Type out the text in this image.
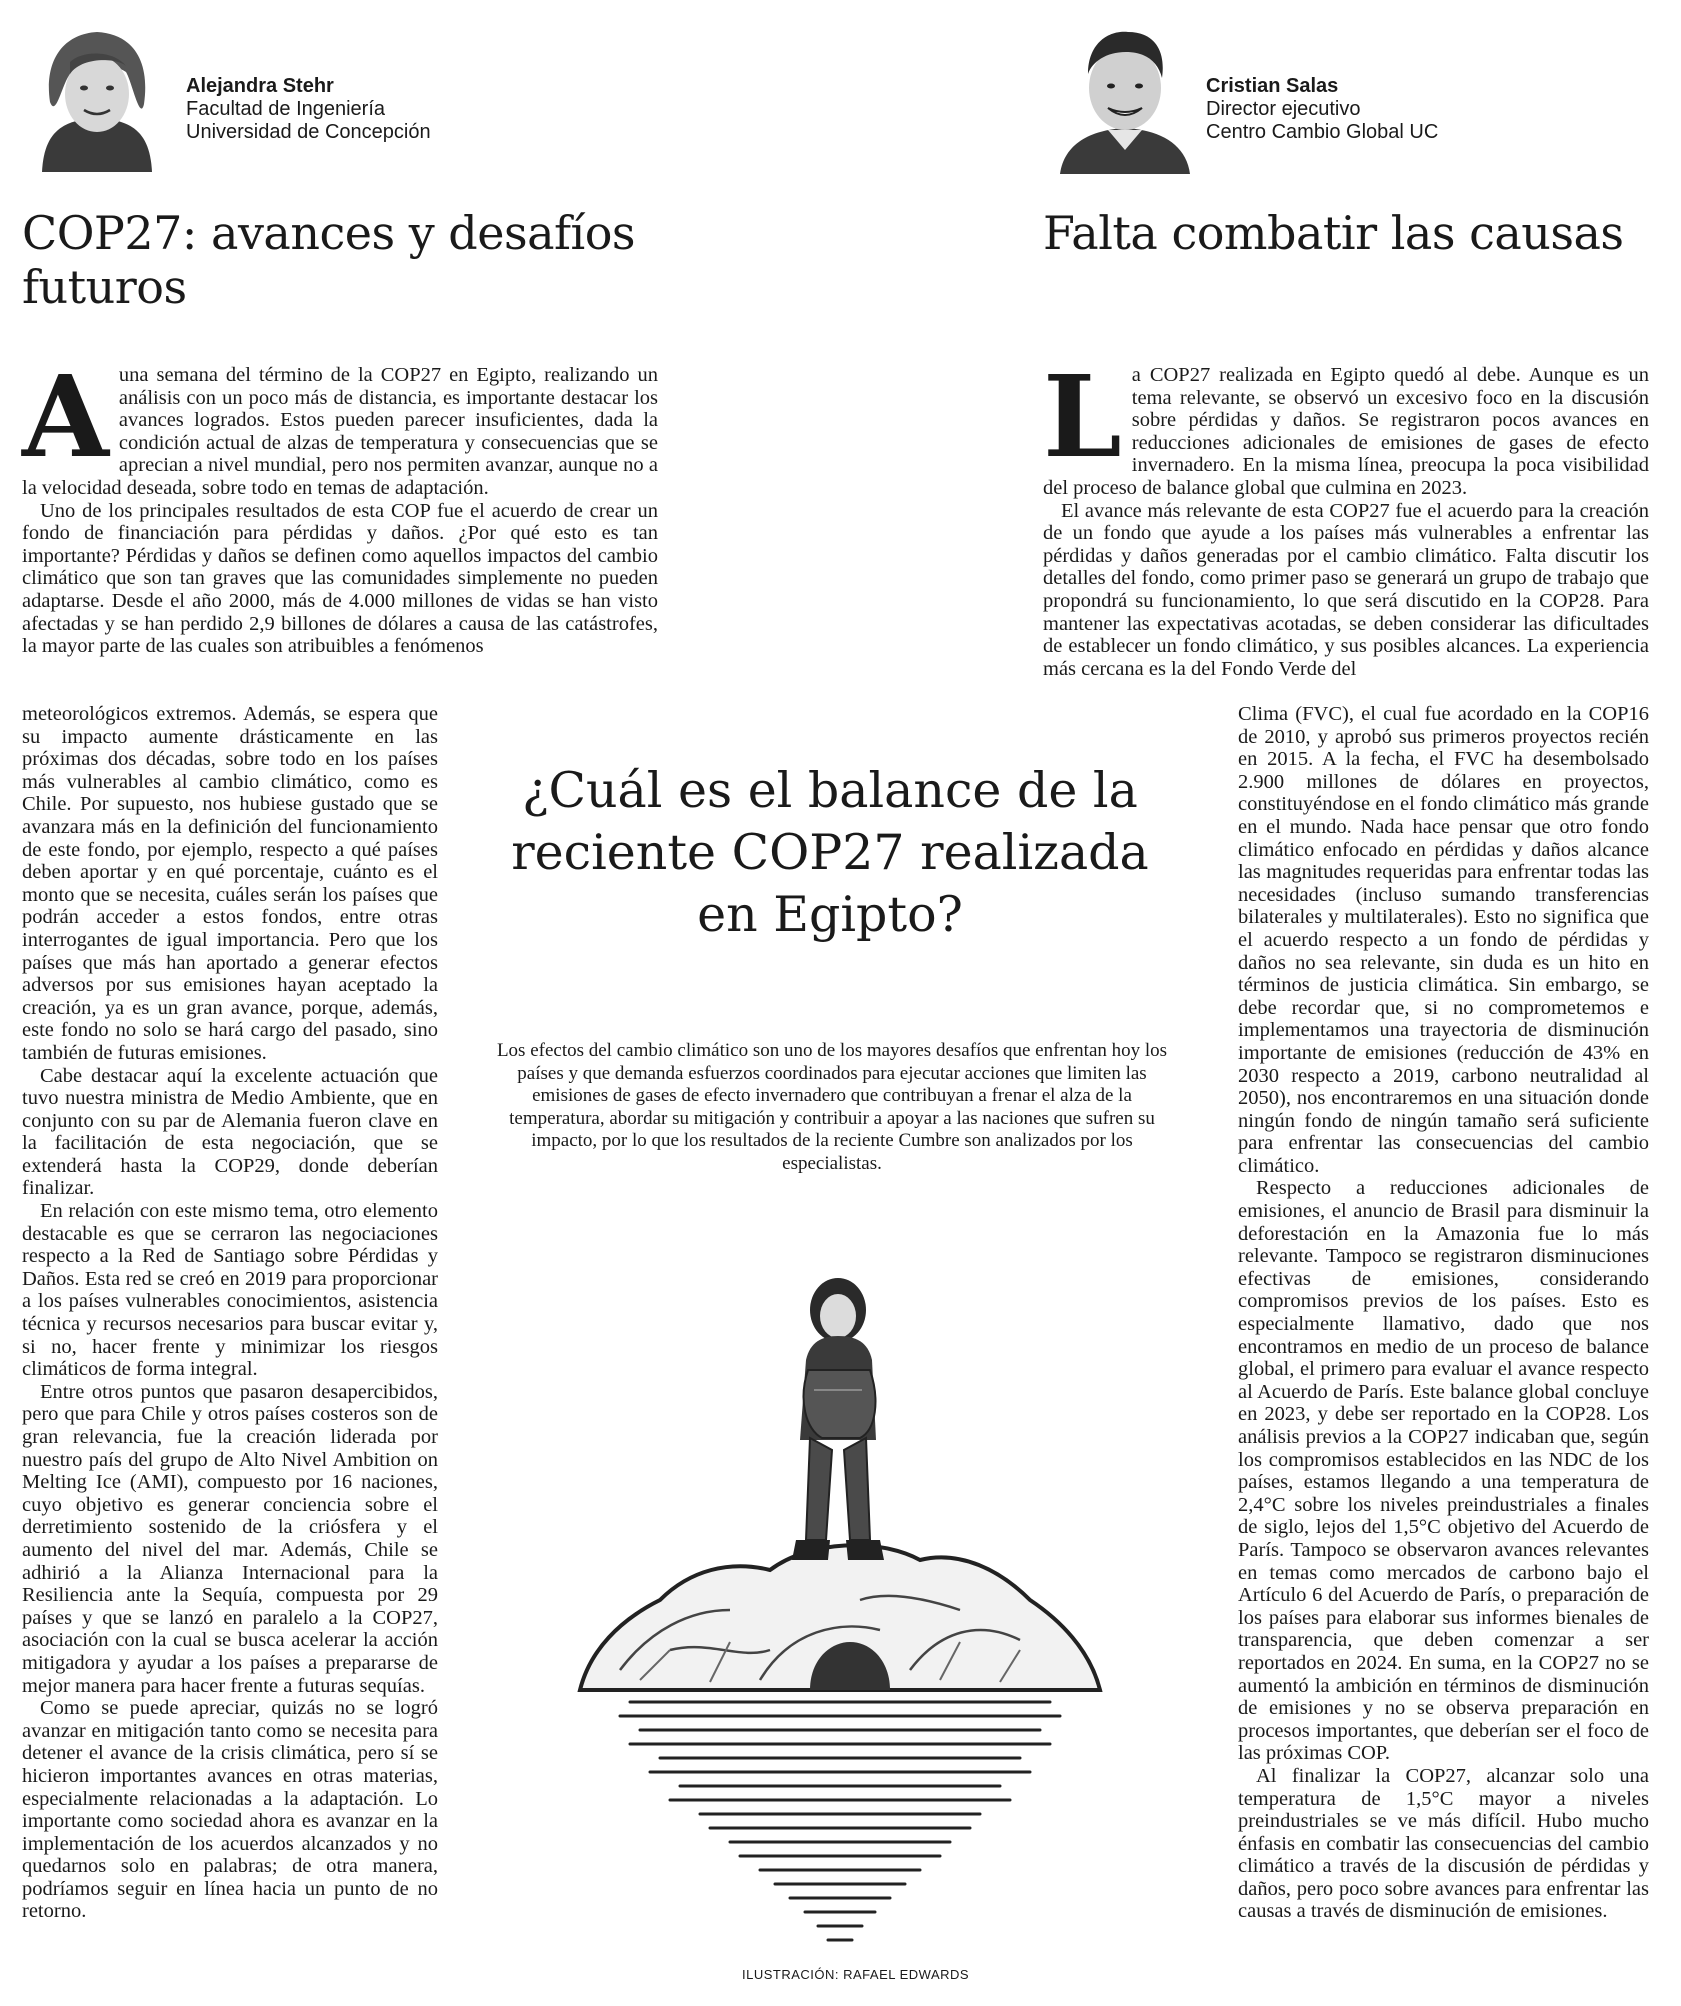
Alejandra Stehr
Facultad de Ingeniería
Universidad de Concepción
Cristian Salas
Director ejecutivo
Centro Cambio Global UC
COP27: avances y desafíos futuros
Falta combatir las causas

A una semana del término de la COP27 en Egipto, realizando un análisis con un poco más de distancia, es importante destacar los avances logrados. Estos pueden parecer insuficientes, dada la condición actual de alzas de temperatura y consecuencias que se aprecian a nivel mundial, pero nos permiten avanzar, aunque no a la velocidad deseada, sobre todo en temas de adaptación.

Uno de los principales resultados de esta COP fue el acuerdo de crear un fondo de financiación para pérdidas y daños. ¿Por qué esto es tan importante? Pérdidas y daños se definen como aquellos impactos del cambio climático que son tan graves que las comunidades simplemente no pueden adaptarse. Desde el año 2000, más de 4.000 millones de vidas se han visto afectadas y se han perdido 2,9 billones de dólares a causa de las catástrofes, la mayor parte de las cuales son atribuibles a fenómenos

meteorológicos extremos. Además, se espera que su impacto aumente drásticamente en las próximas dos décadas, sobre todo en los países más vulnerables al cambio climático, como es Chile. Por supuesto, nos hubiese gustado que se avanzara más en la definición del funcionamiento de este fondo, por ejemplo, respecto a qué países deben aportar y en qué porcentaje, cuánto es el monto que se necesita, cuáles serán los países que podrán acceder a estos fondos, entre otras interrogantes de igual importancia. Pero que los países que más han aportado a generar efectos adversos por sus emisiones hayan aceptado la creación, ya es un gran avance, porque, además, este fondo no solo se hará cargo del pasado, sino también de futuras emisiones.

Cabe destacar aquí la excelente actuación que tuvo nuestra ministra de Medio Ambiente, que en conjunto con su par de Alemania fueron clave en la facilitación de esta negociación, que se extenderá hasta la COP29, donde deberían finalizar.

En relación con este mismo tema, otro elemento destacable es que se cerraron las negociaciones respecto a la Red de Santiago sobre Pérdidas y Daños. Esta red se creó en 2019 para proporcionar a los países vulnerables conocimientos, asistencia técnica y recursos necesarios para buscar evitar y, si no, hacer frente y minimizar los riesgos climáticos de forma integral.

Entre otros puntos que pasaron desapercibidos, pero que para Chile y otros países costeros son de gran relevancia, fue la creación liderada por nuestro país del grupo de Alto Nivel Ambition on Melting Ice (AMI), compuesto por 16 naciones, cuyo objetivo es generar conciencia sobre el derretimiento sostenido de la criósfera y el aumento del nivel del mar. Además, Chile se adhirió a la Alianza Internacional para la Resiliencia ante la Sequía, compuesta por 29 países y que se lanzó en paralelo a la COP27, asociación con la cual se busca acelerar la acción mitigadora y ayudar a los países a prepararse de mejor manera para hacer frente a futuras sequías.

Como se puede apreciar, quizás no se logró avanzar en mitigación tanto como se necesita para detener el avance de la crisis climática, pero sí se hicieron importantes avances en otras materias, especialmente relacionadas a la adaptación. Lo importante como sociedad ahora es avanzar en la implementación de los acuerdos alcanzados y no quedarnos solo en palabras; de otra manera, podríamos seguir en línea hacia un punto de no retorno.

La COP27 realizada en Egipto quedó al debe. Aunque es un tema relevante, se observó un excesivo foco en la discusión sobre pérdidas y daños. Se registraron pocos avances en reducciones adicionales de emisiones de gases de efecto invernadero. En la misma línea, preocupa la poca visibilidad del proceso de balance global que culmina en 2023.

El avance más relevante de esta COP27 fue el acuerdo para la creación de un fondo que ayude a los países más vulnerables a enfrentar las pérdidas y daños generadas por el cambio climático. Falta discutir los detalles del fondo, como primer paso se generará un grupo de trabajo que propondrá su funcionamiento, lo que será discutido en la COP28. Para mantener las expectativas acotadas, se deben considerar las dificultades de establecer un fondo climático, y sus posibles alcances. La experiencia más cercana es la del Fondo Verde del

Clima (FVC), el cual fue acordado en la COP16 de 2010, y aprobó sus primeros proyectos recién en 2015. A la fecha, el FVC ha desembolsado 2.900 millones de dólares en proyectos, constituyéndose en el fondo climático más grande en el mundo. Nada hace pensar que otro fondo climático enfocado en pérdidas y daños alcance las magnitudes requeridas para enfrentar todas las necesidades (incluso sumando transferencias bilaterales y multilaterales). Esto no significa que el acuerdo respecto a un fondo de pérdidas y daños no sea relevante, sin duda es un hito en términos de justicia climática. Sin embargo, se debe recordar que, si no comprometemos e implementamos una trayectoria de disminución importante de emisiones (reducción de 43% en 2030 respecto a 2019, carbono neutralidad al 2050), nos encontraremos en una situación donde ningún fondo de ningún tamaño será suficiente para enfrentar las consecuencias del cambio climático.

Respecto a reducciones adicionales de emisiones, el anuncio de Brasil para disminuir la deforestación en la Amazonia fue lo más relevante. Tampoco se registraron disminuciones efectivas de emisiones, considerando compromisos previos de los países. Esto es especialmente llamativo, dado que nos encontramos en medio de un proceso de balance global, el primero para evaluar el avance respecto al Acuerdo de París. Este balance global concluye en 2023, y debe ser reportado en la COP28. Los análisis previos a la COP27 indicaban que, según los compromisos establecidos en las NDC de los países, estamos llegando a una temperatura de 2,4°C sobre los niveles preindustriales a finales de siglo, lejos del 1,5°C objetivo del Acuerdo de París. Tampoco se observaron avances relevantes en temas como mercados de carbono bajo el Artículo 6 del Acuerdo de París, o preparación de los países para elaborar sus informes bienales de transparencia, que deben comenzar a ser reportados en 2024. En suma, en la COP27 no se aumentó la ambición en términos de disminución de emisiones y no se observa preparación en procesos importantes, que deberían ser el foco de las próximas COP.

Al finalizar la COP27, alcanzar solo una temperatura de 1,5°C mayor a niveles preindustriales se ve más difícil. Hubo mucho énfasis en combatir las consecuencias del cambio climático a través de la discusión de pérdidas y daños, pero poco sobre avances para enfrentar las causas a través de disminución de emisiones.

¿Cuál es el balance de la reciente COP27 realizada en Egipto?
Los efectos del cambio climático son uno de los mayores desafíos que enfrentan hoy los países y que demanda esfuerzos coordinados para ejecutar acciones que limiten las emisiones de gases de efecto invernadero que contribuyan a frenar el alza de la temperatura, abordar su mitigación y contribuir a apoyar a las naciones que sufren su impacto, por lo que los resultados de la reciente Cumbre son analizados por los especialistas.
ILUSTRACIÓN: RAFAEL EDWARDS
